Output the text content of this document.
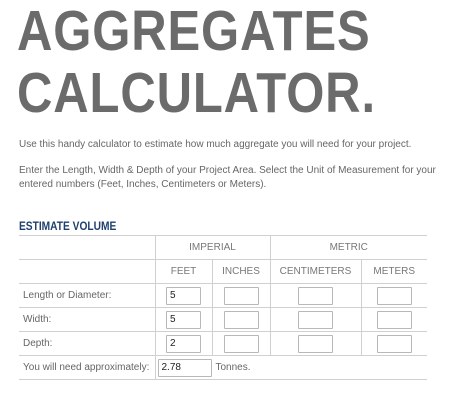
AGGREGATES
CALCULATOR.

Use this handy calculator to estimate how much aggregate you will need for your project.

Enter the Length, Width & Depth of your Project Area. Select the Unit of Measurement for your entered numbers (Feet, Inches, Centimeters or Meters).

ESTIMATE VOLUME
	IMPERIAL		METRIC	
	FEET	INCHES	CENTIMETERS	METERS
Length or Diameter:	5			
Width:	5			
Depth:	2			
You will need approximately:	2.78Tonnes.
